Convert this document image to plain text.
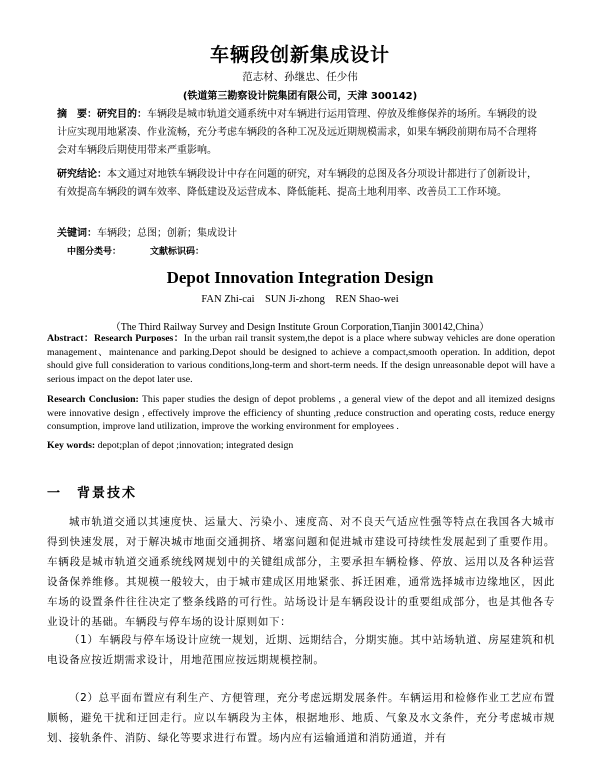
车辆段创新集成设计
范志材、孙继忠、任少伟
(铁道第三勘察设计院集团有限公司，天津 300142)
摘　要：研究目的：车辆段是城市轨道交通系统中对车辆进行运用管理、停放及维修保养的场所。车辆段的设计应实现用地紧凑、作业流畅，充分考虑车辆段的各种工况及远近期规模需求，如果车辆段前期布局不合理将会对车辆段后期使用带来严重影响。
研究结论：本文通过对地铁车辆段设计中存在问题的研究，对车辆段的总图及各分项设计都进行了创新设计，有效提高车辆段的调车效率、降低建设及运营成本、降低能耗、提高土地利用率、改善员工工作环境。
关键词：车辆段；总图；创新；集成设计
中图分类号：	文献标识码：
Depot Innovation Integration Design
FAN Zhi-cai    SUN Ji-zhong    REN Shao-wei
（The Third Railway Survey and Design Institute Groun Corporation,Tianjin 300142,China）
Abstract：Research Purposes：In the urban rail transit system,the depot is a place where subway vehicles are done operation management、maintenance and parking.Depot should be designed to achieve a compact,smooth operation. In addition, depot should give full consideration to various conditions,long-term and short-term needs. If the design unreasonable depot will have a serious impact on the depot later use.
Research Conclusion: This paper studies the design of depot problems , a general view of the depot and all itemized designs were innovative design , effectively improve the efficiency of shunting ,reduce construction and operating costs, reduce energy consumption, improve land utilization, improve the working environment for employees .
Key words: depot;plan of depot ;innovation; integrated design
一　背景技术
城市轨道交通以其速度快、运量大、污染小、速度高、对不良天气适应性强等特点在我国各大城市得到快速发展，对于解决城市地面交通拥挤、堵塞问题和促进城市建设可持续性发展起到了重要作用。车辆段是城市轨道交通系统线网规划中的关键组成部分，主要承担车辆检修、停放、运用以及各种运营设备保养维修。其规模一般较大，由于城市建成区用地紧张、拆迁困难，通常选择城市边缘地区，因此车场的设置条件往往决定了整条线路的可行性。站场设计是车辆段设计的重要组成部分，也是其他各专业设计的基础。车辆段与停车场的设计原则如下：
（1）车辆段与停车场设计应统一规划，近期、远期结合，分期实施。其中站场轨道、房屋建筑和机电设备应按近期需求设计，用地范围应按远期规模控制。
（2）总平面布置应有利生产、方便管理，充分考虑远期发展条件。车辆运用和检修作业工艺应布置顺畅，避免干扰和迂回走行。应以车辆段为主体，根据地形、地质、气象及水文条件，充分考虑城市规划、接轨条件、消防、绿化等要求进行布置。场内应有运输通道和消防通道，并有
